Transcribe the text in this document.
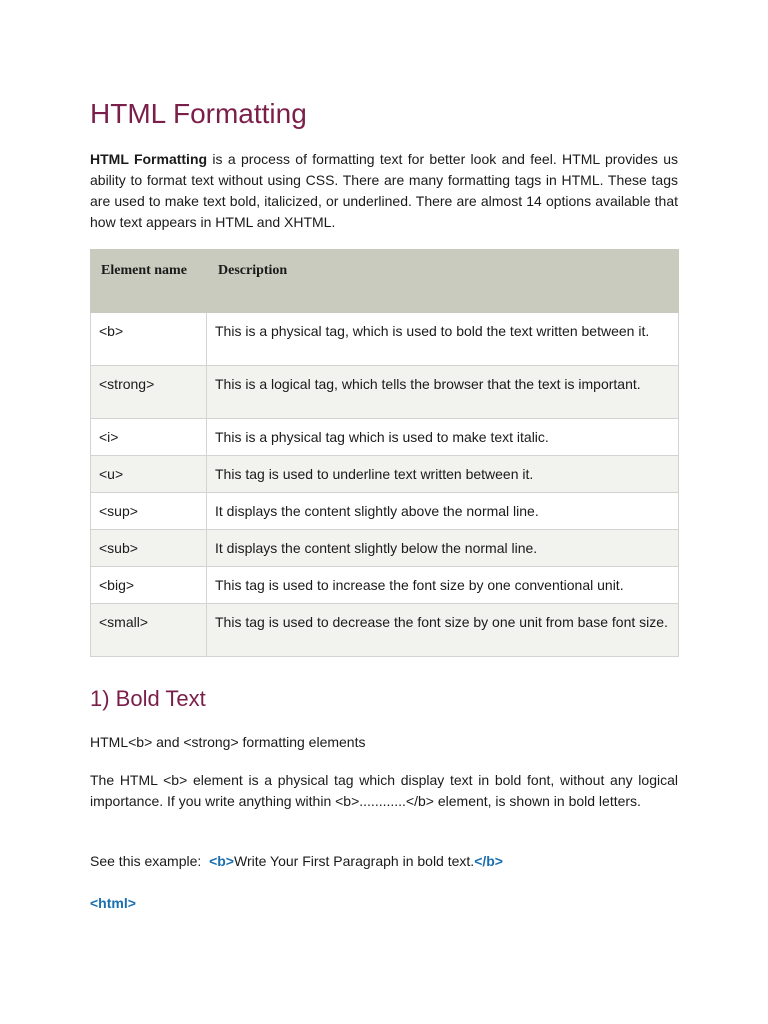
HTML Formatting

HTML Formatting is a process of formatting text for better look and feel. HTML provides us ability to format text without using CSS. There are many formatting tags in HTML. These tags are used to make text bold, italicized, or underlined. There are almost 14 options available that how text appears in HTML and XHTML.

Element name	Description
<b>	This is a physical tag, which is used to bold the text written between it.
<strong>	This is a logical tag, which tells the browser that the text is important.
<i>	This is a physical tag which is used to make text italic.
<u>	This tag is used to underline text written between it.
<sup>	It displays the content slightly above the normal line.
<sub>	It displays the content slightly below the normal line.
<big>	This tag is used to increase the font size by one conventional unit.
<small>	This tag is used to decrease the font size by one unit from base font size.
1) Bold Text

HTML<b> and <strong> formatting elements

The HTML <b> element is a physical tag which display text in bold font, without any logical importance. If you write anything within <b>............</b> element, is shown in bold letters.

See this example: <b>Write Your First Paragraph in bold text.</b>

<html>
